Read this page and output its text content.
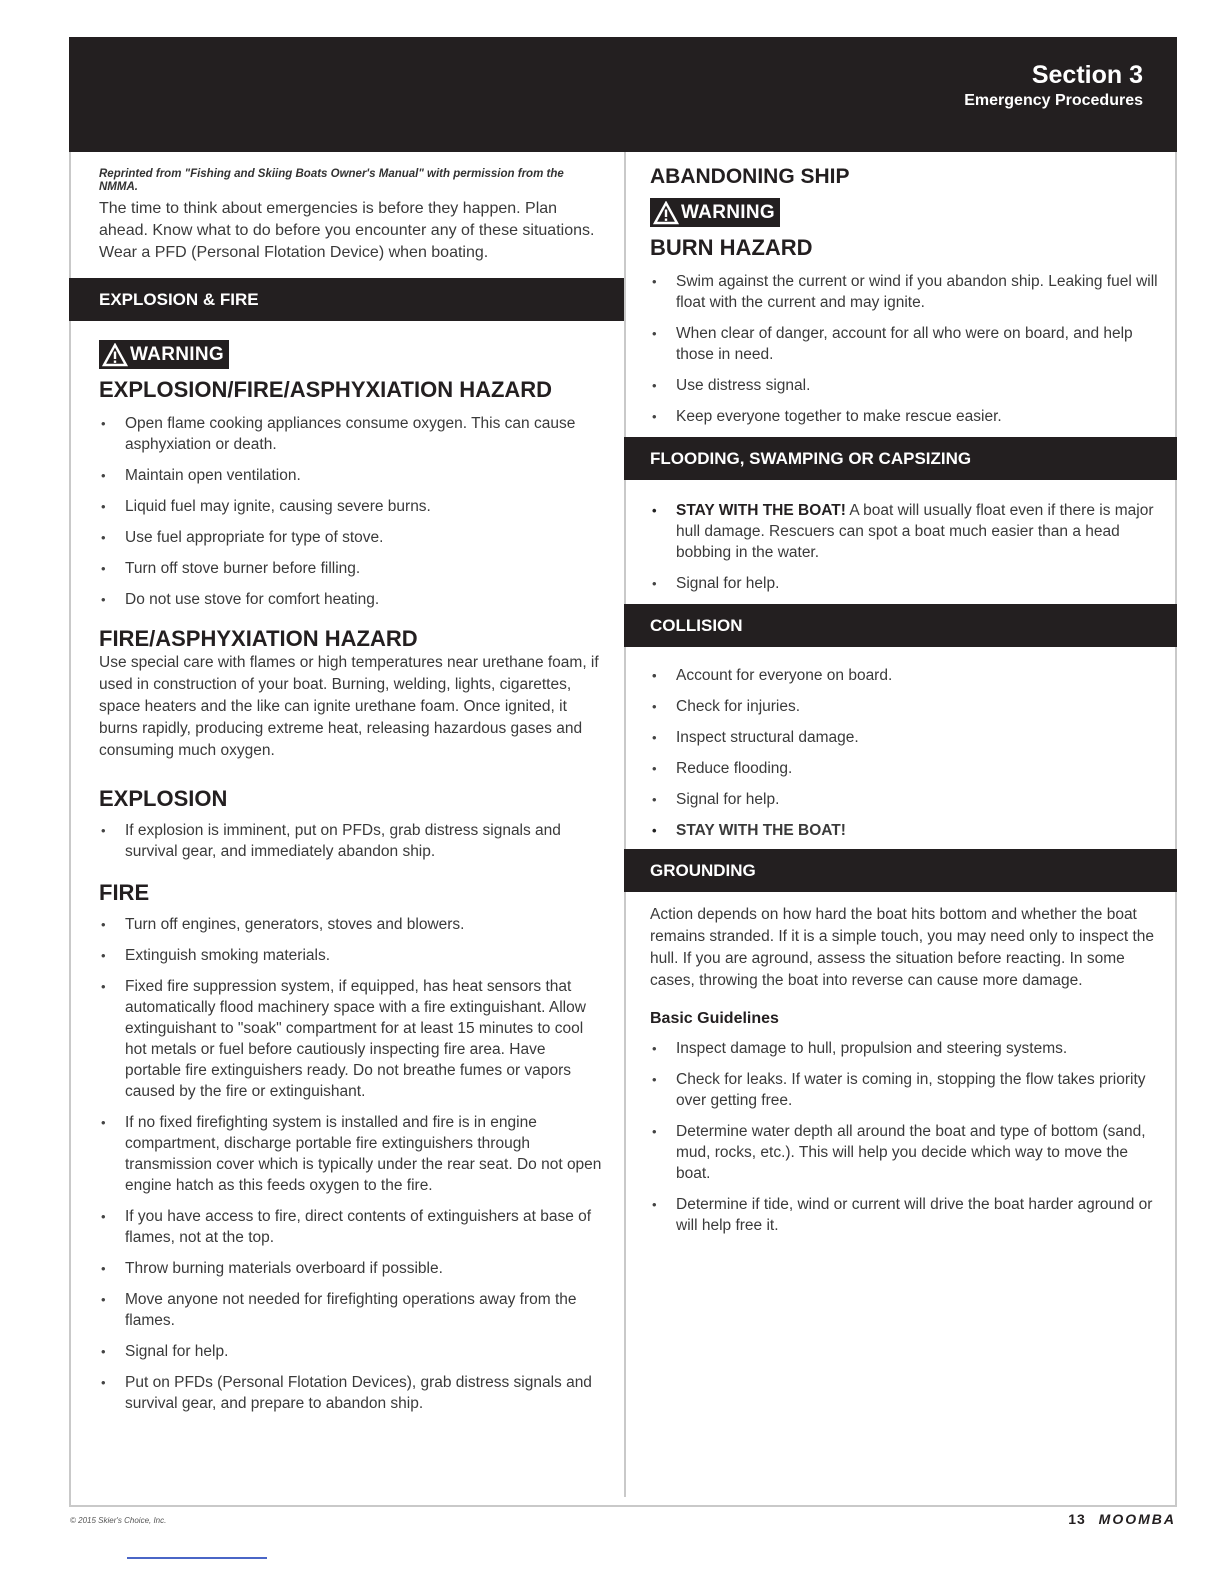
Section 3
Emergency Procedures
Reprinted from "Fishing and Skiing Boats Owner's Manual" with permission from the NMMA.
The time to think about emergencies is before they happen. Plan ahead. Know what to do before you encounter any of these situations. Wear a PFD (Personal Flotation Device) when boating.
EXPLOSION & FIRE
WARNING
EXPLOSION/FIRE/ASPHYXIATION HAZARD
• Open flame cooking appliances consume oxygen. This can cause asphyxiation or death.
• Maintain open ventilation.
• Liquid fuel may ignite, causing severe burns.
• Use fuel appropriate for type of stove.
• Turn off stove burner before filling.
• Do not use stove for comfort heating.
FIRE/ASPHYXIATION HAZARD
Use special care with flames or high temperatures near urethane foam, if used in construction of your boat. Burning, welding, lights, cigarettes, space heaters and the like can ignite urethane foam. Once ignited, it burns rapidly, producing extreme heat, releasing hazardous gases and consuming much oxygen.
EXPLOSION
• If explosion is imminent, put on PFDs, grab distress signals and survival gear, and immediately abandon ship.
FIRE
• Turn off engines, generators, stoves and blowers.
• Extinguish smoking materials.
• Fixed fire suppression system, if equipped, has heat sensors that automatically flood machinery space with a fire extinguishant. Allow extinguishant to "soak" compartment for at least 15 minutes to cool hot metals or fuel before cautiously inspecting fire area. Have portable fire extinguishers ready. Do not breathe fumes or vapors caused by the fire or extinguishant.
• If no fixed firefighting system is installed and fire is in engine compartment, discharge portable fire extinguishers through transmission cover which is typically under the rear seat. Do not open engine hatch as this feeds oxygen to the fire.
• If you have access to fire, direct contents of extinguishers at base of flames, not at the top.
• Throw burning materials overboard if possible.
• Move anyone not needed for firefighting operations away from the flames.
• Signal for help.
• Put on PFDs (Personal Flotation Devices), grab distress signals and survival gear, and prepare to abandon ship.
ABANDONING SHIP
WARNING
BURN HAZARD
• Swim against the current or wind if you abandon ship. Leaking fuel will float with the current and may ignite.
• When clear of danger, account for all who were on board, and help those in need.
• Use distress signal.
• Keep everyone together to make rescue easier.
FLOODING, SWAMPING OR CAPSIZING
• STAY WITH THE BOAT! A boat will usually float even if there is major hull damage. Rescuers can spot a boat much easier than a head bobbing in the water.
• Signal for help.
COLLISION
• Account for everyone on board.
• Check for injuries.
• Inspect structural damage.
• Reduce flooding.
• Signal for help.
• STAY WITH THE BOAT!
GROUNDING
Action depends on how hard the boat hits bottom and whether the boat remains stranded. If it is a simple touch, you may need only to inspect the hull. If you are aground, assess the situation before reacting. In some cases, throwing the boat into reverse can cause more damage.
Basic Guidelines
• Inspect damage to hull, propulsion and steering systems.
• Check for leaks. If water is coming in, stopping the flow takes priority over getting free.
• Determine water depth all around the boat and type of bottom (sand, mud, rocks, etc.). This will help you decide which way to move the boat.
• Determine if tide, wind or current will drive the boat harder aground or will help free it.
© 2015 Skier's Choice, Inc.	13 MOOMBA
